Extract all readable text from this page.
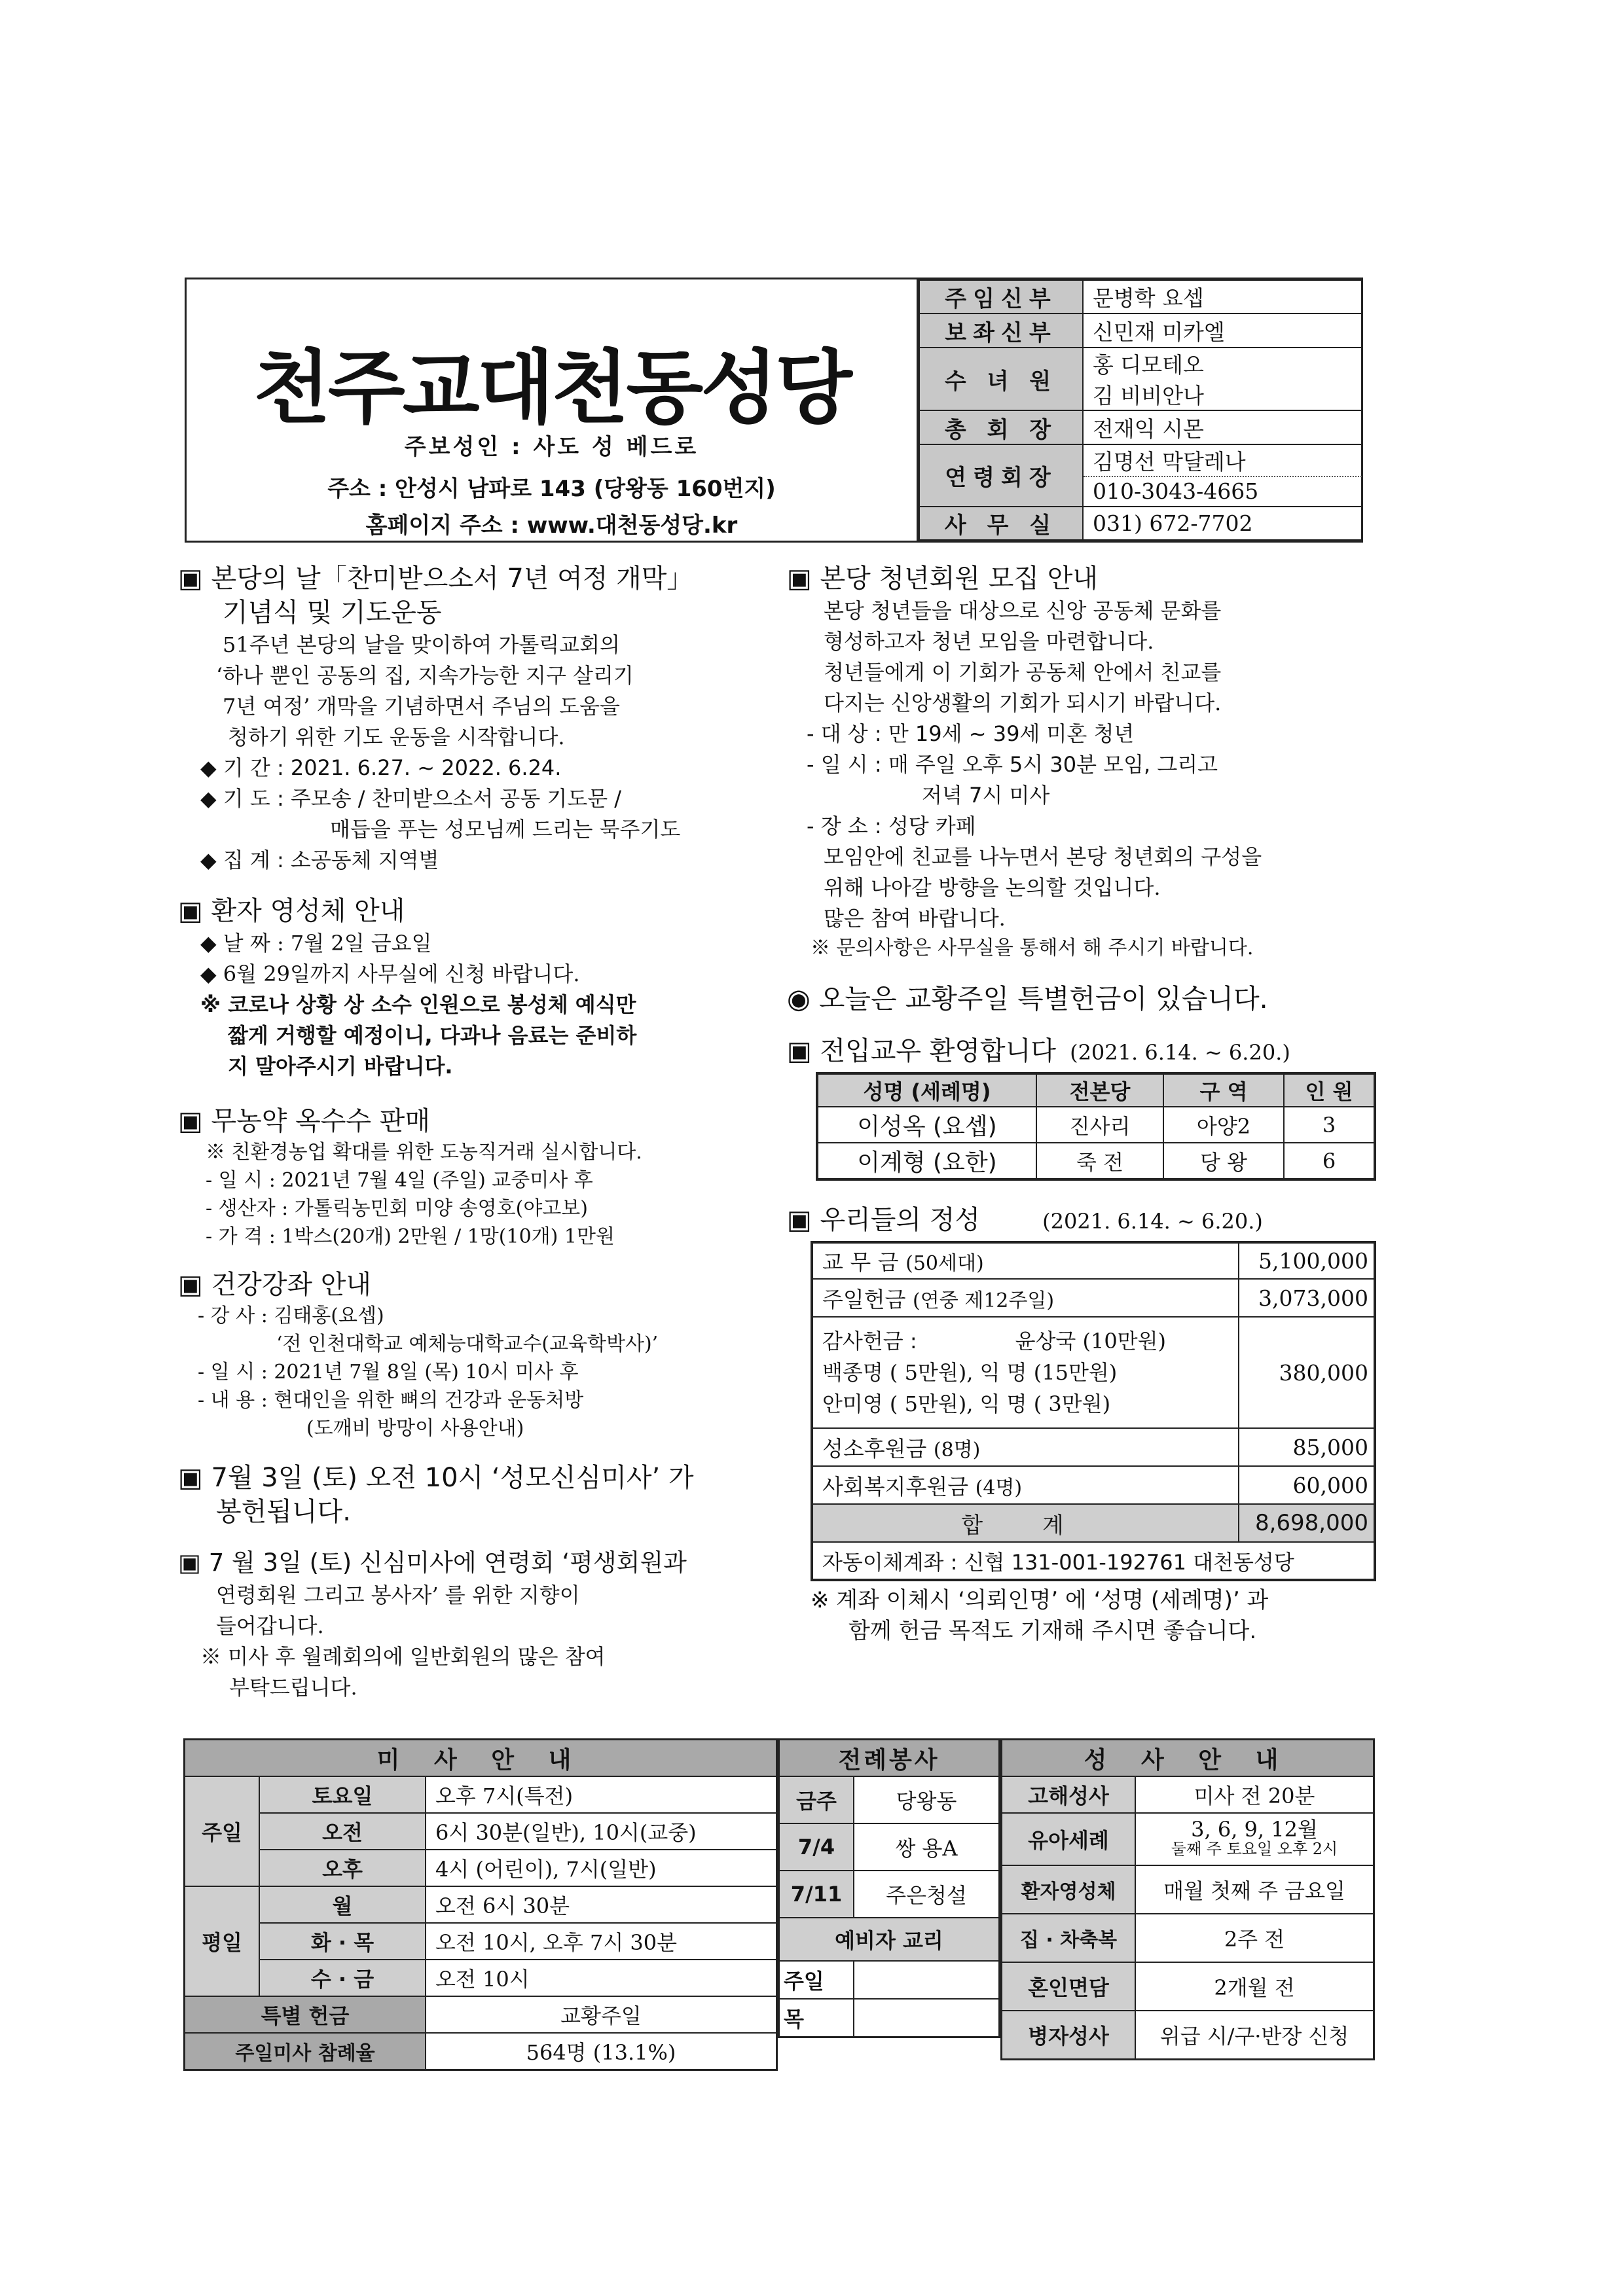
천주교대천동성당
주보성인 : 사도 성 베드로
주소 : 안성시 남파로 143 (당왕동 160번지)
홈페이지 주소 : www.대천동성당.kr
주임신부	문병학 요셉
보좌신부	신민재 미카엘
수 녀 원	홍 디모테오
	김 비비안나
총 회 장	전재익 시몬
연령회장	김명선 막달레나
	010-3043-4665
사 무 실	031) 672-7702
▣ 본당의 날「찬미받으소서 7년 여정 개막」
기념식 및 기도운동
51주년 본당의 날을 맞이하여 가톨릭교회의
‘하나 뿐인 공동의 집, 지속가능한 지구 살리기
7년 여정’ 개막을 기념하면서 주님의 도움을
청하기 위한 기도 운동을 시작합니다.
◆ 기 간 : 2021. 6.27. ~ 2022. 6.24.
◆ 기 도 : 주모송 / 찬미받으소서 공동 기도문 /
매듭을 푸는 성모님께 드리는 묵주기도
◆ 집 계 : 소공동체 지역별
▣ 환자 영성체 안내
◆ 날 짜 : 7월 2일 금요일
◆ 6월 29일까지 사무실에 신청 바랍니다.
※ 코로나 상황 상 소수 인원으로 봉성체 예식만
짧게 거행할 예정이니, 다과나 음료는 준비하
지 말아주시기 바랍니다.
▣ 무농약 옥수수 판매
※ 친환경농업 확대를 위한 도농직거래 실시합니다.
- 일 시 : 2021년 7월 4일 (주일) 교중미사 후
- 생산자 : 가톨릭농민회 미양 송영호(야고보)
- 가 격 : 1박스(20개) 2만원 / 1망(10개) 1만원
▣ 건강강좌 안내
- 강 사 : 김태홍(요셉)
‘전 인천대학교 예체능대학교수(교육학박사)’
- 일 시 : 2021년 7월 8일 (목) 10시 미사 후
- 내 용 : 현대인을 위한 뼈의 건강과 운동처방
(도깨비 방망이 사용안내)
▣ 7월 3일 (토) 오전 10시 ‘성모신심미사’ 가
봉헌됩니다.
▣ 7 월 3일 (토) 신심미사에 연령회 ‘평생회원과
연령회원 그리고 봉사자’ 를 위한 지향이
들어갑니다.
※ 미사 후 월례회의에 일반회원의 많은 참여
부탁드립니다.
▣ 본당 청년회원 모집 안내
본당 청년들을 대상으로 신앙 공동체 문화를
형성하고자 청년 모임을 마련합니다.
청년들에게 이 기회가 공동체 안에서 친교를
다지는 신앙생활의 기회가 되시기 바랍니다.
- 대 상 : 만 19세 ~ 39세 미혼 청년
- 일 시 : 매 주일 오후 5시 30분 모임, 그리고
저녁 7시 미사
- 장 소 : 성당 카페
모임안에 친교를 나누면서 본당 청년회의 구성을
위해 나아갈 방향을 논의할 것입니다.
많은 참여 바랍니다.
※ 문의사항은 사무실을 통해서 해 주시기 바랍니다.
◉ 오늘은 교황주일 특별헌금이 있습니다.
▣ 전입교우 환영합니다 (2021. 6.14. ~ 6.20.)
성명 (세례명)	전본당	구 역	인 원
이성옥 (요셉)	진사리	아양2	3
이계형 (요한)	죽 전	당 왕	6
▣ 우리들의 정성	(2021. 6.14. ~ 6.20.)
교 무 금 (50세대)	5,100,000
주일헌금 (연중 제12주일)	3,073,000

감사헌금 : 윤상국 (10만원)
백종명 ( 5만원), 익 명 (15만원)
안미영 ( 5만원), 익 명 ( 3만원)	380,000
성소후원금 (8명)	85,000
사회복지후원금 (4명)	60,000
합 계	8,698,000
자동이체계좌 : 신협 131-001-192761 대천동성당	
※ 계좌 이체시 ‘의뢰인명’ 에 ‘성명 (세례명)’ 과
함께 헌금 목적도 기재해 주시면 좋습니다.
미 사 안 내		
주일	토요일	오후 7시(특전)
	오전	6시 30분(일반), 10시(교중)
	오후	4시 (어린이), 7시(일반)
평일	월	오전 6시 30분
	화 · 목	오전 10시, 오후 7시 30분
	수 · 금	오전 10시
특별 헌금		교황주일
주일미사 참례율		564명 (13.1%)
전례봉사	
금주	당왕동
7/4	쌍 용A
7/11	주은청설
예비자 교리	
주일	
목	
성 사 안 내	
고해성사	미사 전 20분
유아세례	3, 6, 9, 12월
둘째 주 토요일 오후 2시

환자영성체	매월 첫째 주 금요일
집 · 차축복	2주 전
혼인면담	2개월 전
병자성사	위급 시/구·반장 신청
